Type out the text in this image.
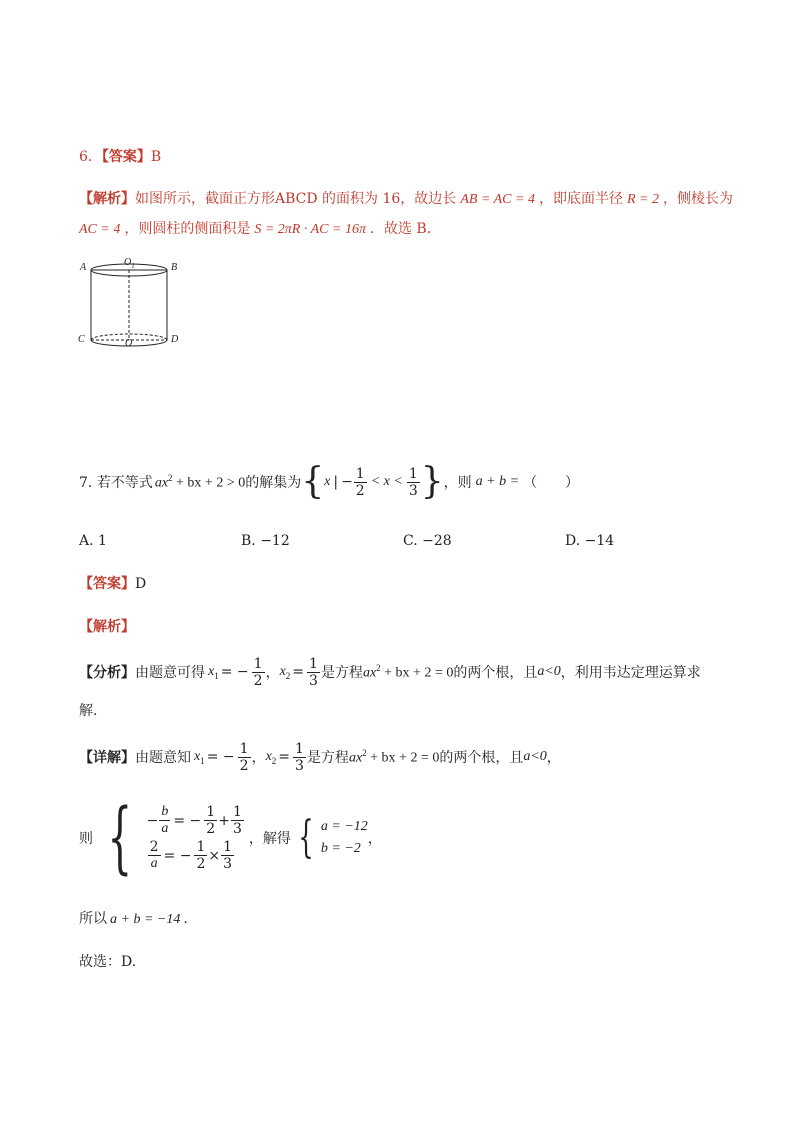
6．【答案】B
【解析】如图所示，截面正方形ABCD 的面积为 16，故边长 AB = AC = 4 ，即底面半径 R = 2 ，侧棱长为
AC = 4 ，则圆柱的侧面积是 S = 2πR · AC = 16π ．故选 B．
A	B
C	D
$O_1$
O
7. 若不等式 $ax^2$ + bx + 2 > 0 的解集为 { x | − $\frac{1}{2} < x < \frac{1}{3}$ } ，则 a + b = （　　）
A. 1	B. −12	C. −28	D. −14
【答案】D
【解析】
【分析】 由题意可得 $x_1$ = − $\frac{1}{2}$ ， $x_2 = \frac{1}{3}$ 是方程 $ax^2$ + bx + 2 = 0 的两个根，且 a<0 ，利用韦达定理运算求
解.
【详解】 由题意知 $x_1$ = − $\frac{1}{2}$ ， $x_2 = \frac{1}{3}$ 是方程 $ax^2$ + bx + 2 = 0 的两个根，且 a<0 ，
则 { − $\frac{b}{a}$ = − $\frac{1}{2} + \frac{1}{3}$
$\frac{2}{a}$ = − $\frac{1}{2} \times \frac{1}{3}$
，解得 { a = −12
b = −2
，
所以 a + b = −14 .
故选：D.
